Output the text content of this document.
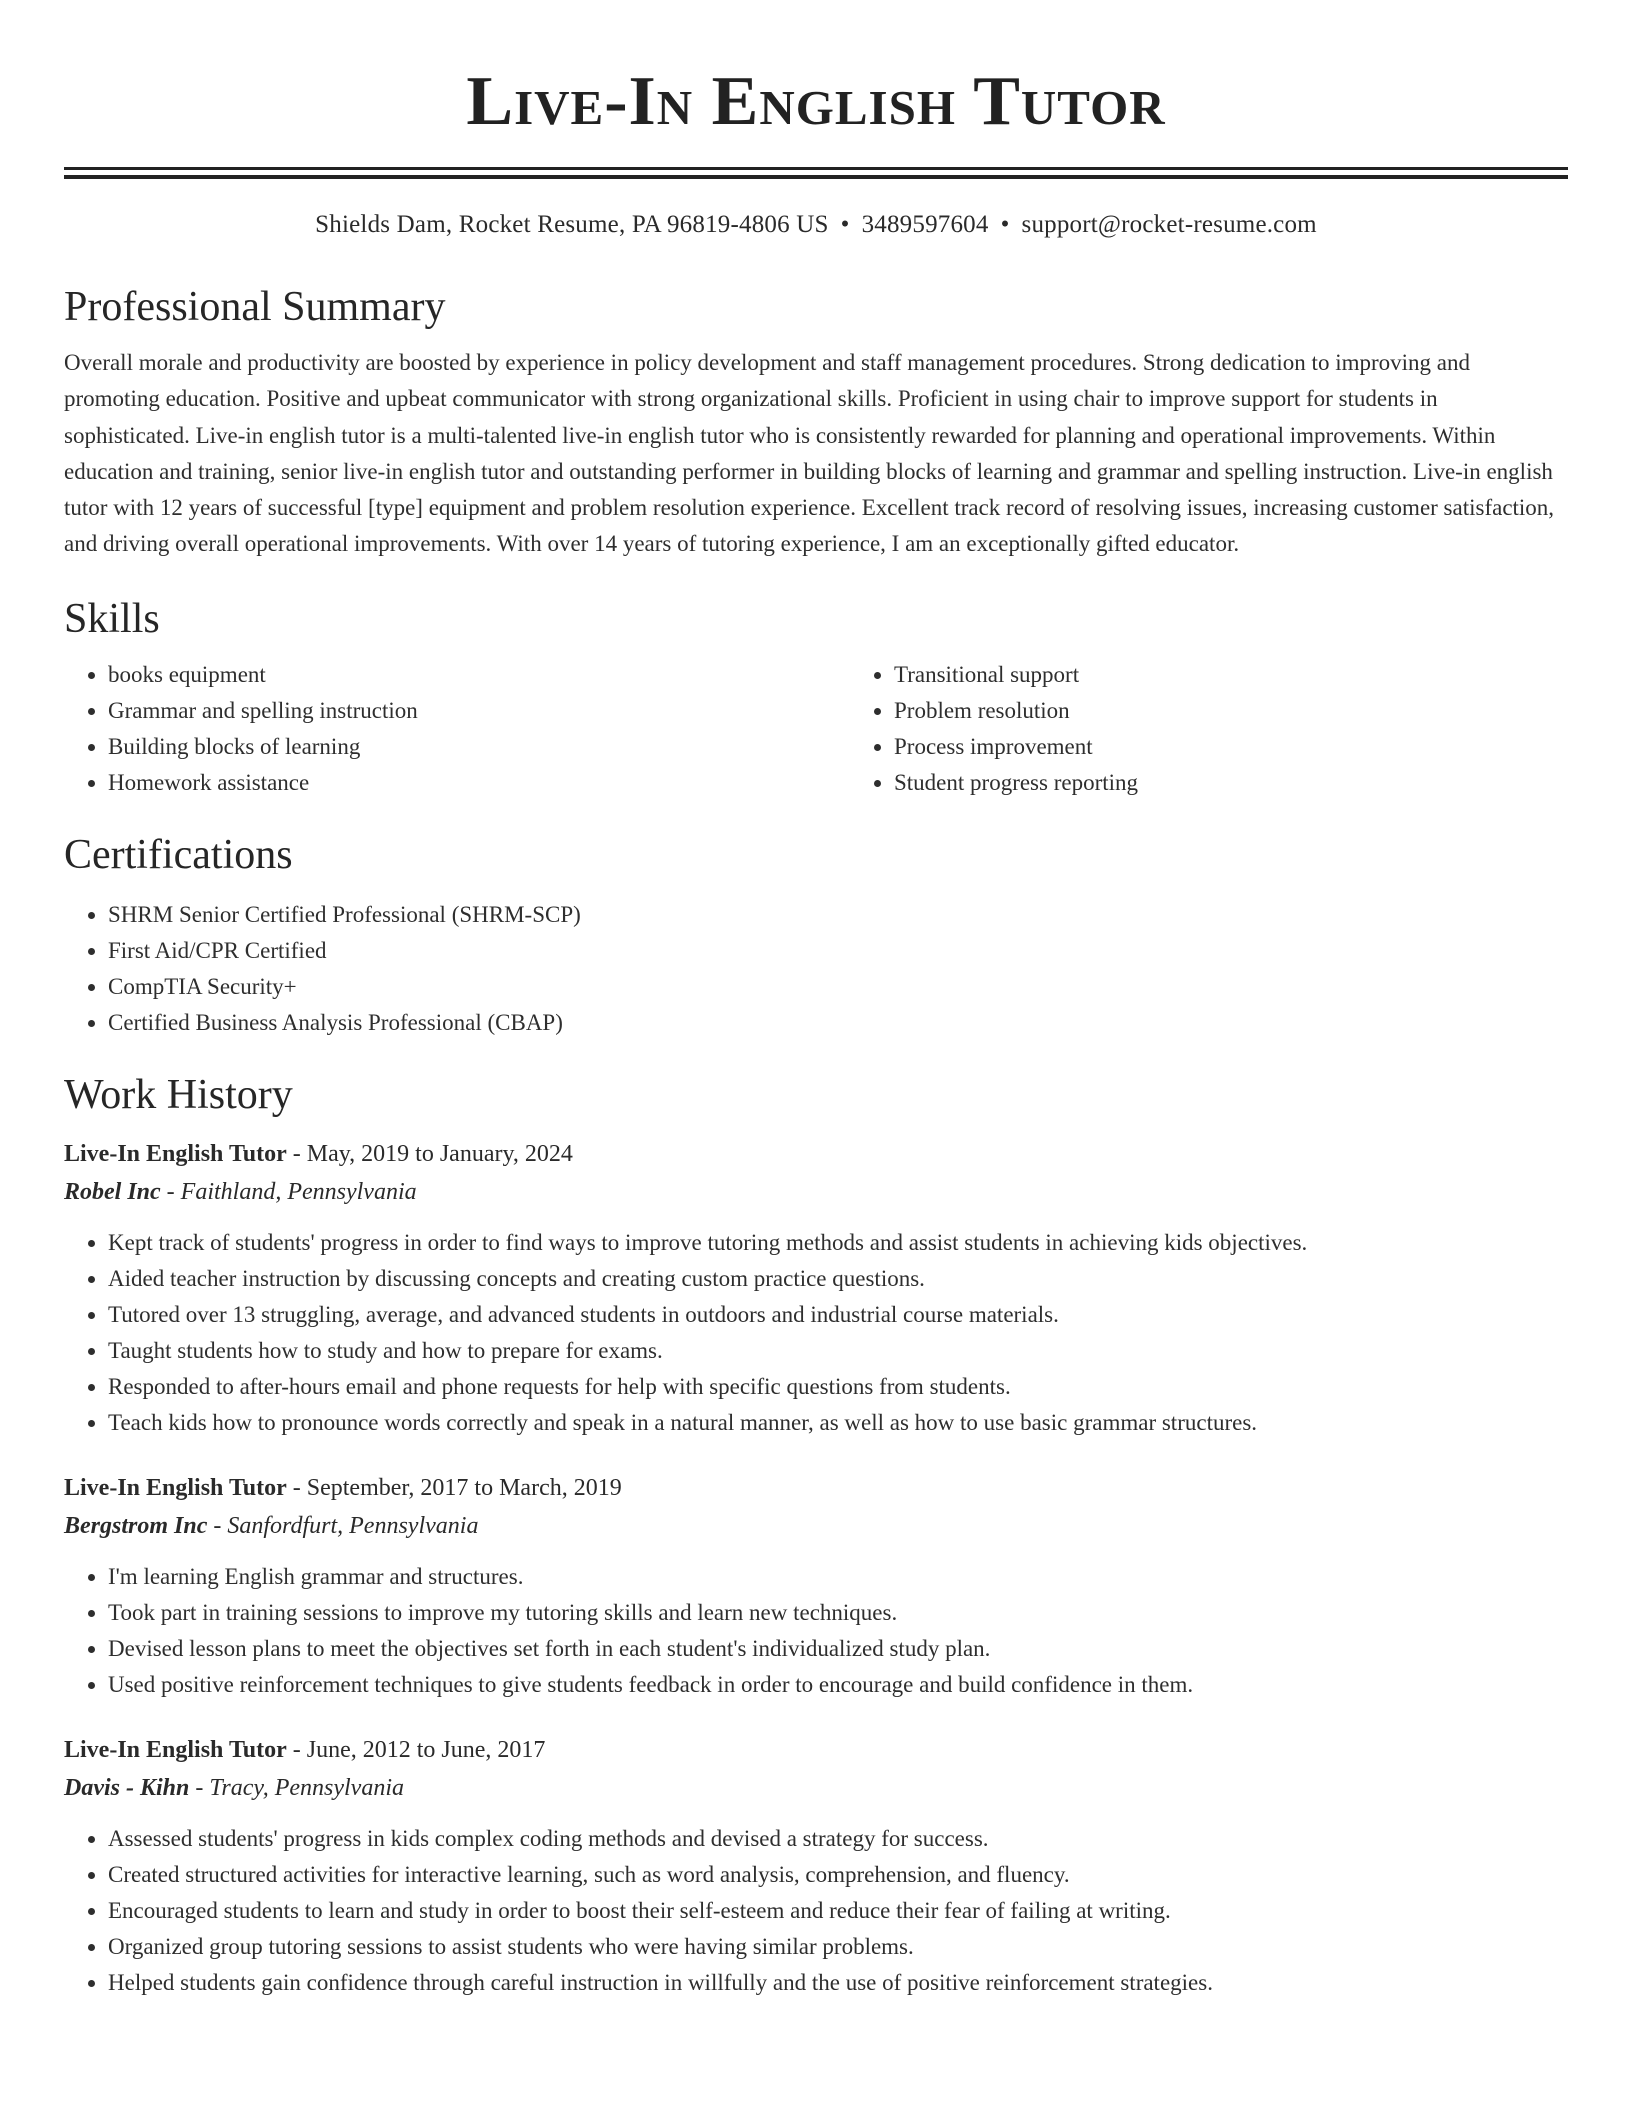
Live-In English Tutor
Shields Dam, Rocket Resume, PA 96819-4806 US • 3489597604 • support@rocket-resume.com
Professional Summary

Overall morale and productivity are boosted by experience in policy development and staff management procedures. Strong dedication to improving and promoting education. Positive and upbeat communicator with strong organizational skills. Proficient in using chair to improve support for students in sophisticated. Live-in english tutor is a multi-talented live-in english tutor who is consistently rewarded for planning and operational improvements. Within education and training, senior live-in english tutor and outstanding performer in building blocks of learning and grammar and spelling instruction. Live-in english tutor with 12 years of successful [type] equipment and problem resolution experience. Excellent track record of resolving issues, increasing customer satisfaction, and driving overall operational improvements. With over 14 years of tutoring experience, I am an exceptionally gifted educator.

Skills
• books equipment
• Grammar and spelling instruction
• Building blocks of learning
• Homework assistance
• Transitional support
• Problem resolution
• Process improvement
• Student progress reporting
Certifications
• SHRM Senior Certified Professional (SHRM-SCP)
• First Aid/CPR Certified
• CompTIA Security+
• Certified Business Analysis Professional (CBAP)
Work History
Live-In English Tutor - May, 2019 to January, 2024
Robel Inc - Faithland, Pennsylvania
• Kept track of students' progress in order to find ways to improve tutoring methods and assist students in achieving kids objectives.
• Aided teacher instruction by discussing concepts and creating custom practice questions.
• Tutored over 13 struggling, average, and advanced students in outdoors and industrial course materials.
• Taught students how to study and how to prepare for exams.
• Responded to after-hours email and phone requests for help with specific questions from students.
• Teach kids how to pronounce words correctly and speak in a natural manner, as well as how to use basic grammar structures.
Live-In English Tutor - September, 2017 to March, 2019
Bergstrom Inc - Sanfordfurt, Pennsylvania
• I'm learning English grammar and structures.
• Took part in training sessions to improve my tutoring skills and learn new techniques.
• Devised lesson plans to meet the objectives set forth in each student's individualized study plan.
• Used positive reinforcement techniques to give students feedback in order to encourage and build confidence in them.
Live-In English Tutor - June, 2012 to June, 2017
Davis - Kihn - Tracy, Pennsylvania
• Assessed students' progress in kids complex coding methods and devised a strategy for success.
• Created structured activities for interactive learning, such as word analysis, comprehension, and fluency.
• Encouraged students to learn and study in order to boost their self-esteem and reduce their fear of failing at writing.
• Organized group tutoring sessions to assist students who were having similar problems.
• Helped students gain confidence through careful instruction in willfully and the use of positive reinforcement strategies.
